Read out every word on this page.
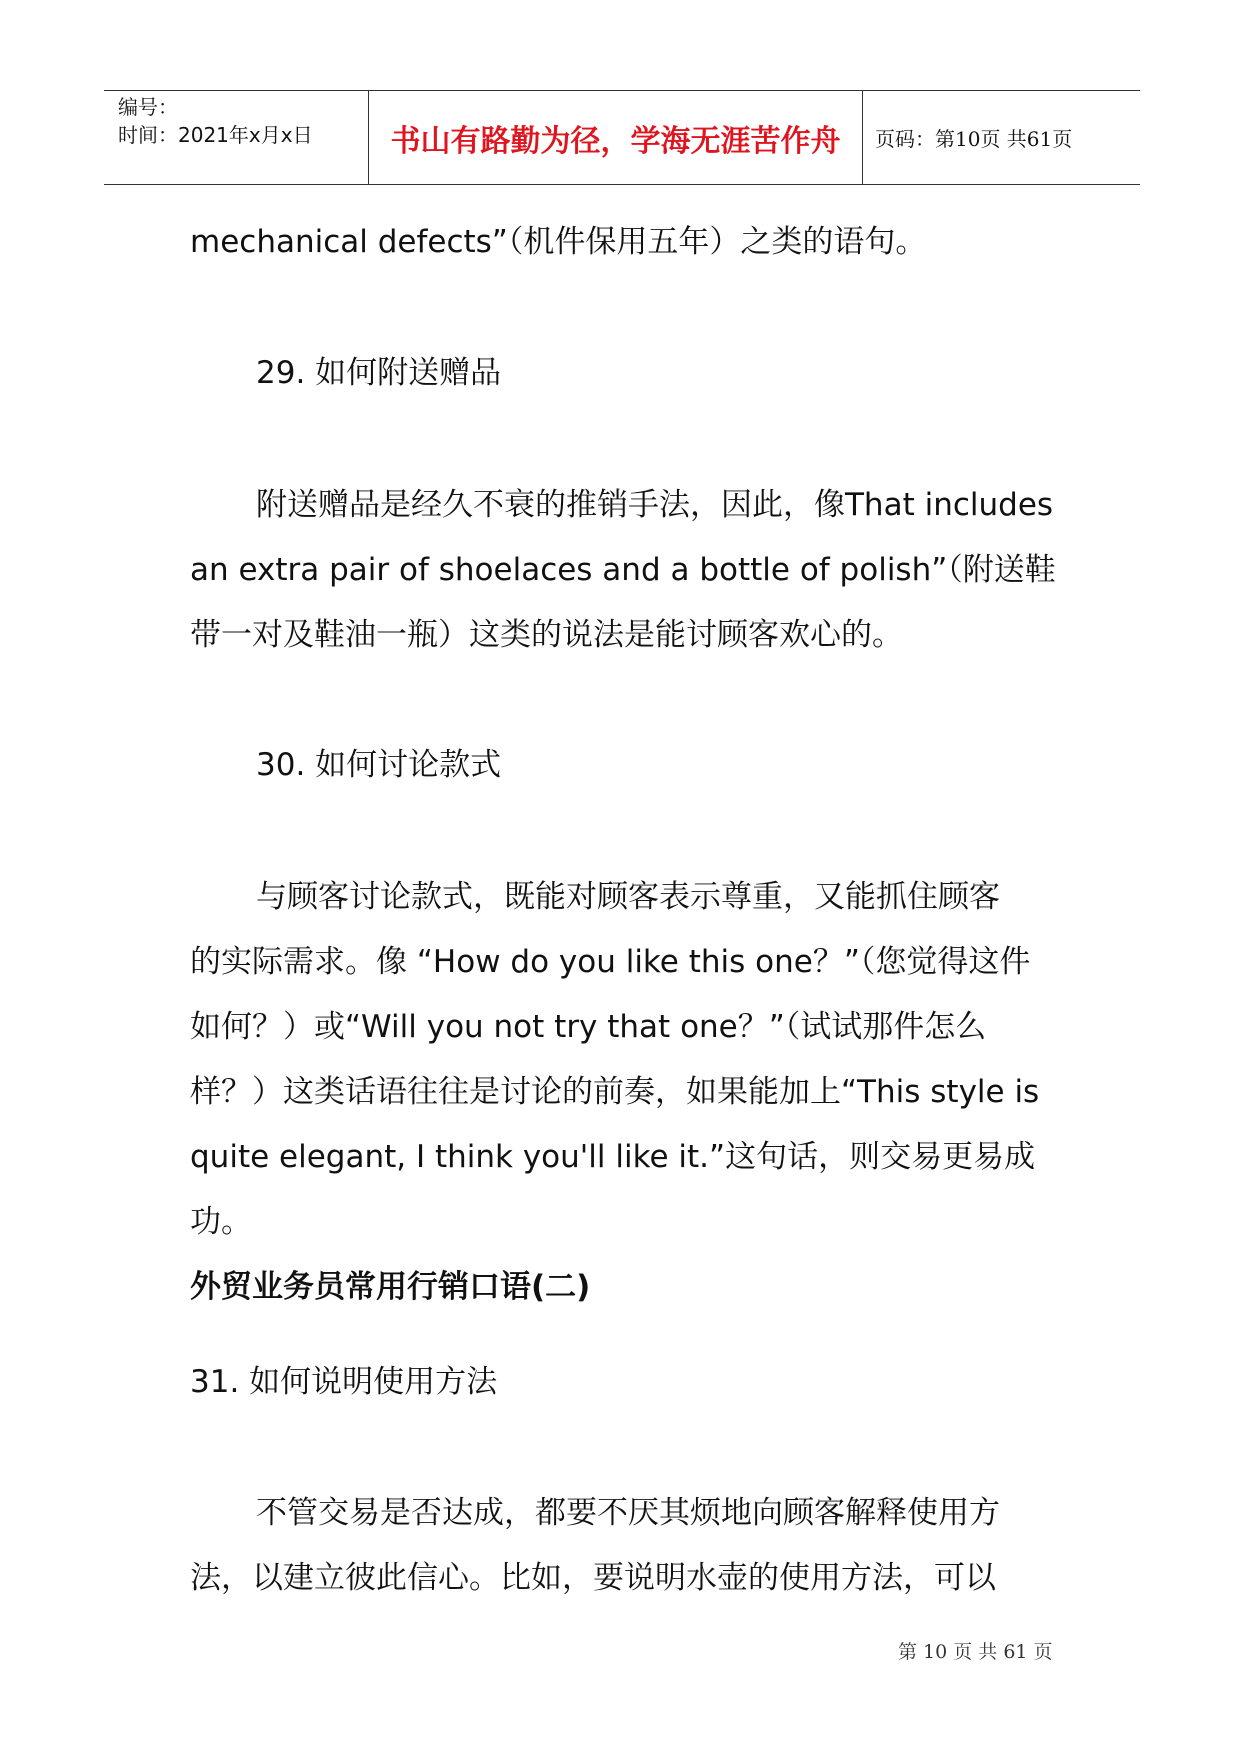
编号：
时间：2021年x月x日	书山有路勤为径，学海无涯苦作舟	页码：第10页 共61页
mechanical defects”（机件保用五年）之类的语句。
29. 如何附送赠品
附送赠品是经久不衰的推销手法，因此，像That includes
an extra pair of shoelaces and a bottle of polish”（附送鞋
带一对及鞋油一瓶）这类的说法是能讨顾客欢心的。
30. 如何讨论款式
与顾客讨论款式，既能对顾客表示尊重，又能抓住顾客
的实际需求。像 “How do you like this one？”（您觉得这件
如何？）或“Will you not try that one？”（试试那件怎么
样？）这类话语往往是讨论的前奏，如果能加上“This style is
quite elegant, I think you'll like it.”这句话，则交易更易成
功。
外贸业务员常用行销口语(二)
31. 如何说明使用方法
不管交易是否达成，都要不厌其烦地向顾客解释使用方
法，以建立彼此信心。比如，要说明水壶的使用方法，可以
第 10 页 共 61 页
